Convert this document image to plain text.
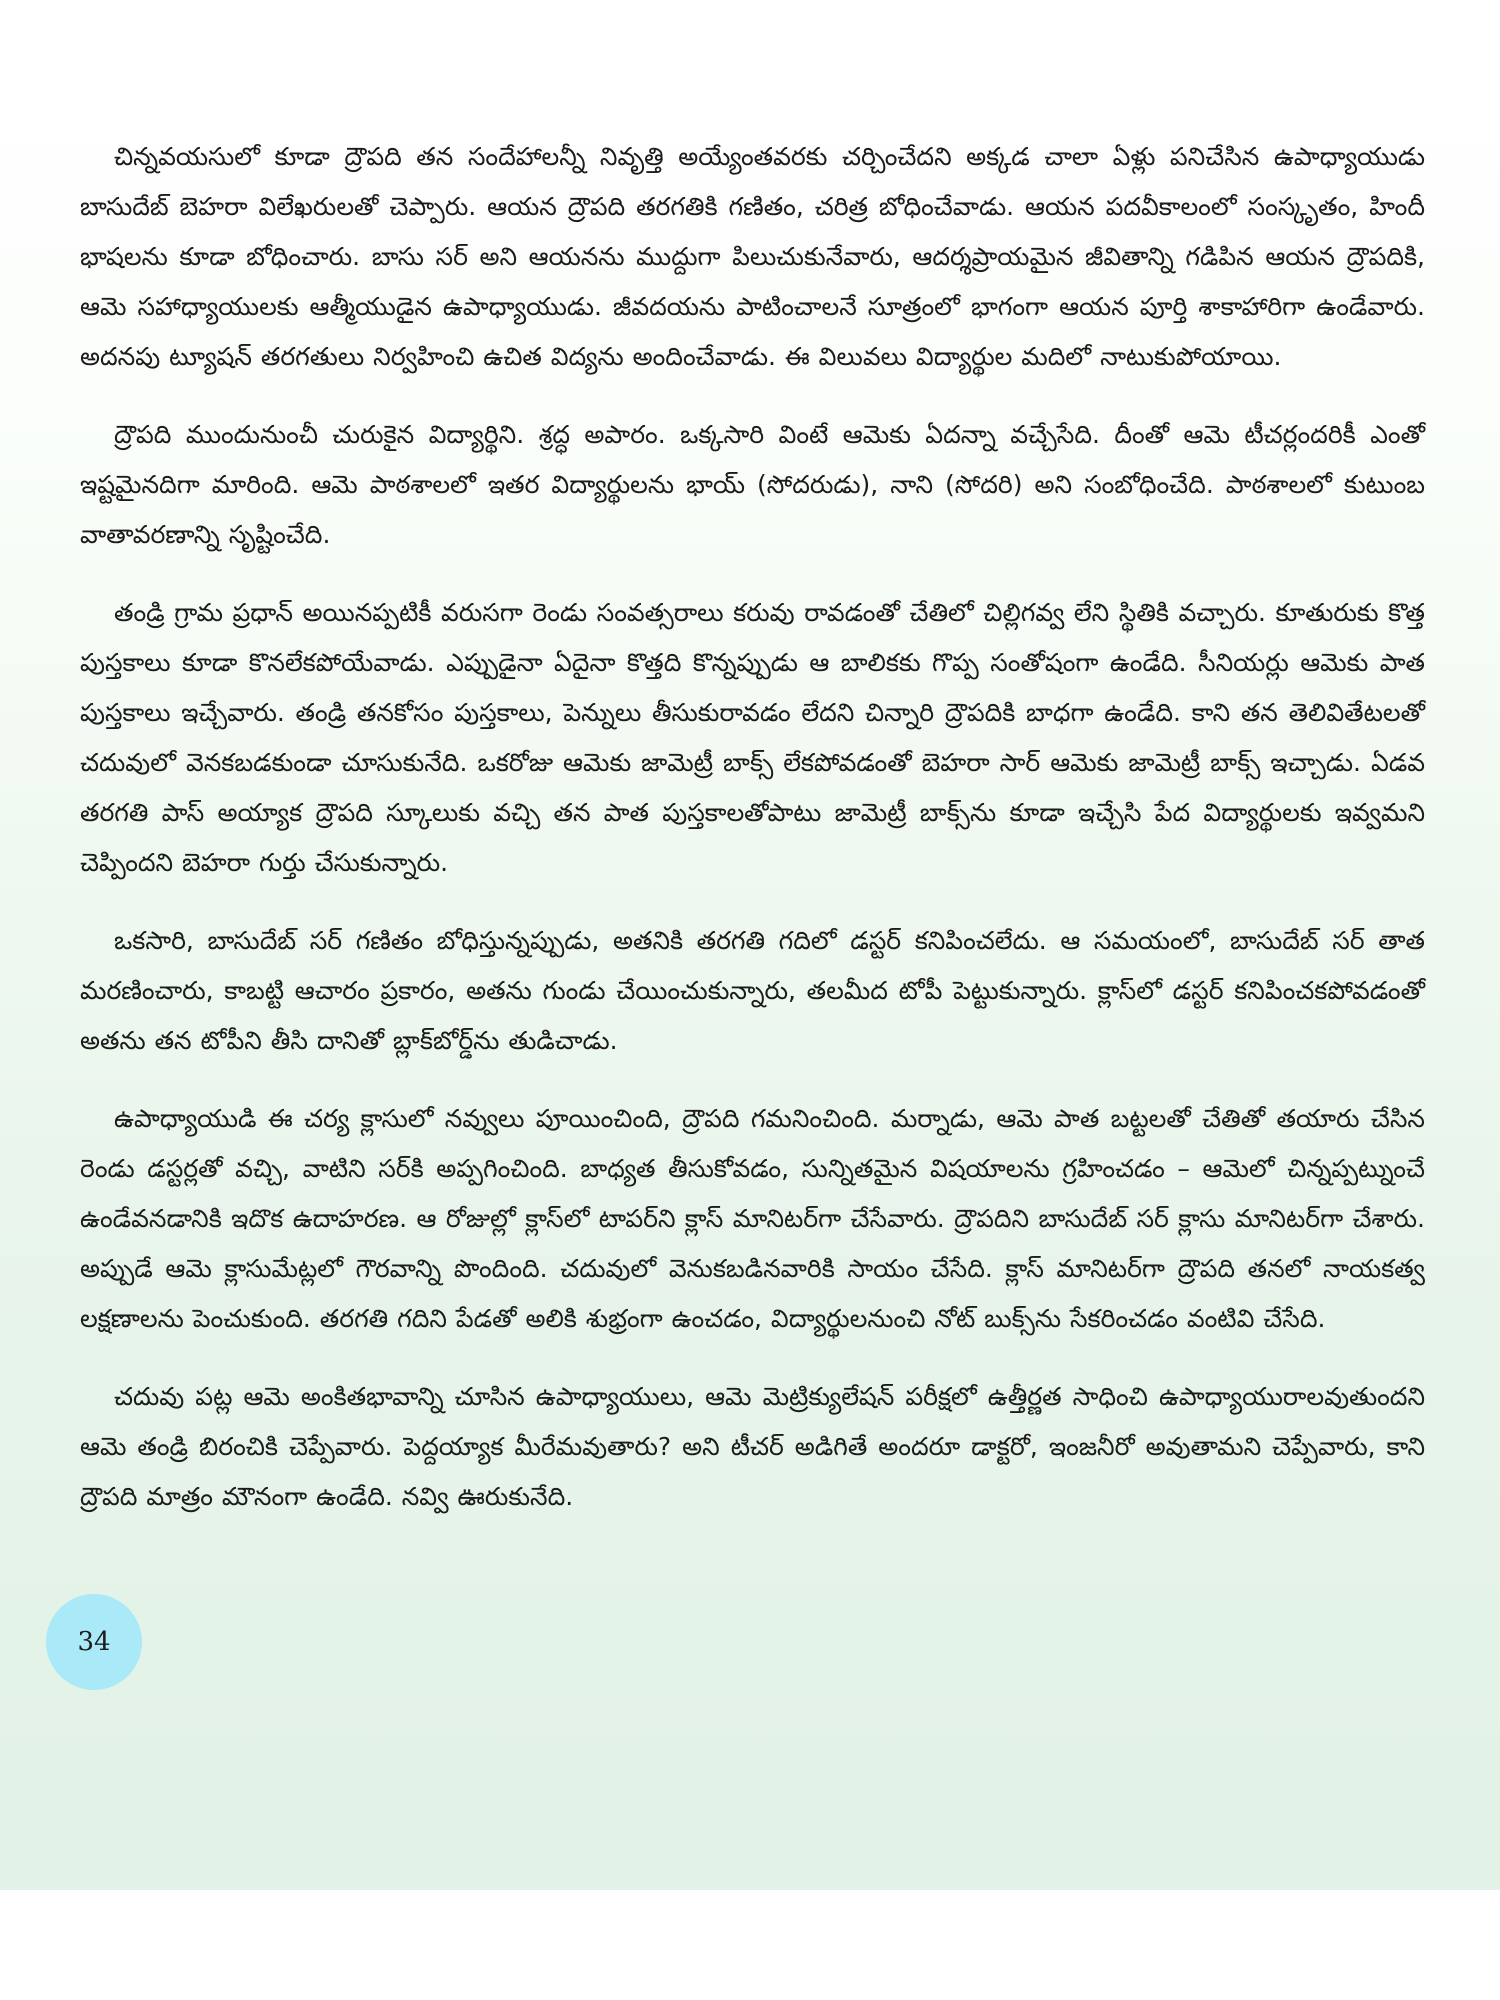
చిన్నవయసులో కూడా ద్రౌపది తన సందేహాలన్నీ నివృత్తి అయ్యేంతవరకు చర్చించేదని అక్కడ చాలా ఏళ్లు పనిచేసిన ఉపాధ్యాయుడు బాసుదేబ్ బెహరా విలేఖరులతో చెప్పారు. ఆయన ద్రౌపది తరగతికి గణితం, చరిత్ర బోధించేవాడు. ఆయన పదవీకాలంలో సంస్కృతం, హిందీ భాషలను కూడా బోధించారు. బాసు సర్ అని ఆయనను ముద్దుగా పిలుచుకునేవారు, ఆదర్శప్రాయమైన జీవితాన్ని గడిపిన ఆయన ద్రౌపదికి, ఆమె సహాధ్యాయులకు ఆత్మీయుడైన ఉపాధ్యాయుడు. జీవదయను పాటించాలనే సూత్రంలో భాగంగా ఆయన పూర్తి శాకాహారిగా ఉండేవారు. అదనపు ట్యూషన్ తరగతులు నిర్వహించి ఉచిత విద్యను అందించేవాడు. ఈ విలువలు విద్యార్థుల మదిలో నాటుకుపోయాయి.

ద్రౌపది ముందునుంచీ చురుకైన విద్యార్థిని. శ్రద్ధ అపారం. ఒక్కసారి వింటే ఆమెకు ఏదన్నా వచ్చేసేది. దీంతో ఆమె టీచర్లందరికీ ఎంతో ఇష్టమైనదిగా మారింది. ఆమె పాఠశాలలో ఇతర విద్యార్థులను భాయ్ (సోదరుడు), నాని (సోదరి) అని సంబోధించేది. పాఠశాలలో కుటుంబ వాతావరణాన్ని సృష్టించేది.

తండ్రి గ్రామ ప్రధాన్ అయినప్పటికీ వరుసగా రెండు సంవత్సరాలు కరువు రావడంతో చేతిలో చిల్లిగవ్వ లేని స్థితికి వచ్చారు. కూతురుకు కొత్త పుస్తకాలు కూడా కొనలేకపోయేవాడు. ఎప్పుడైనా ఏదైనా కొత్తది కొన్నప్పుడు ఆ బాలికకు గొప్ప సంతోషంగా ఉండేది. సీనియర్లు ఆమెకు పాత పుస్తకాలు ఇచ్చేవారు. తండ్రి తనకోసం పుస్తకాలు, పెన్నులు తీసుకురావడం లేదని చిన్నారి ద్రౌపదికి బాధగా ఉండేది. కాని తన తెలివితేటలతో చదువులో వెనకబడకుండా చూసుకునేది. ఒకరోజు ఆమెకు జామెట్రీ బాక్స్ లేకపోవడంతో బెహరా సార్ ఆమెకు జామెట్రీ బాక్స్ ఇచ్చాడు. ఏడవ తరగతి పాస్ అయ్యాక ద్రౌపది స్కూలుకు వచ్చి తన పాత పుస్తకాలతోపాటు జామెట్రీ బాక్స్‌ను కూడా ఇచ్చేసి పేద విద్యార్థులకు ఇవ్వమని చెప్పిందని బెహరా గుర్తు చేసుకున్నారు.

ఒకసారి, బాసుదేబ్ సర్ గణితం బోధిస్తున్నప్పుడు, అతనికి తరగతి గదిలో డస్టర్ కనిపించలేదు. ఆ సమయంలో, బాసుదేబ్ సర్ తాత మరణించారు, కాబట్టి ఆచారం ప్రకారం, అతను గుండు చేయించుకున్నారు, తలమీద టోపీ పెట్టుకున్నారు. క్లాస్‌లో డస్టర్ కనిపించకపోవడంతో అతను తన టోపీని తీసి దానితో బ్లాక్‌బోర్డ్‌ను తుడిచాడు.

ఉపాధ్యాయుడి ఈ చర్య క్లాసులో నవ్వులు పూయించింది, ద్రౌపది గమనించింది. మర్నాడు, ఆమె పాత బట్టలతో చేతితో తయారు చేసిన రెండు డస్టర్లతో వచ్చి, వాటిని సర్‌కి అప్పగించింది. బాధ్యత తీసుకోవడం, సున్నితమైన విషయాలను గ్రహించడం – ఆమెలో చిన్నప్పట్నుంచే ఉండేవనడానికి ఇదొక ఉదాహరణ. ఆ రోజుల్లో క్లాస్‌లో టాపర్‌ని క్లాస్ మానిటర్‌గా చేసేవారు. ద్రౌపదిని బాసుదేబ్ సర్ క్లాసు మానిటర్‌గా చేశారు. అప్పుడే ఆమె క్లాసుమేట్లలో గౌరవాన్ని పొందింది. చదువులో వెనుకబడినవారికి సాయం చేసేది. క్లాస్ మానిటర్‌గా ద్రౌపది తనలో నాయకత్వ లక్షణాలను పెంచుకుంది. తరగతి గదిని పేడతో అలికి శుభ్రంగా ఉంచడం, విద్యార్థులనుంచి నోట్ బుక్స్‌ను సేకరించడం వంటివి చేసేది.

చదువు పట్ల ఆమె అంకితభావాన్ని చూసిన ఉపాధ్యాయులు, ఆమె మెట్రిక్యులేషన్ పరీక్షలో ఉత్తీర్ణత సాధించి ఉపాధ్యాయురాలవుతుందని ఆమె తండ్రి బిరంచికి చెప్పేవారు. పెద్దయ్యాక మీరేమవుతారు? అని టీచర్ అడిగితే అందరూ డాక్టరో, ఇంజనీరో అవుతామని చెప్పేవారు, కాని ద్రౌపది మాత్రం మౌనంగా ఉండేది. నవ్వి ఊరుకునేది.

34
